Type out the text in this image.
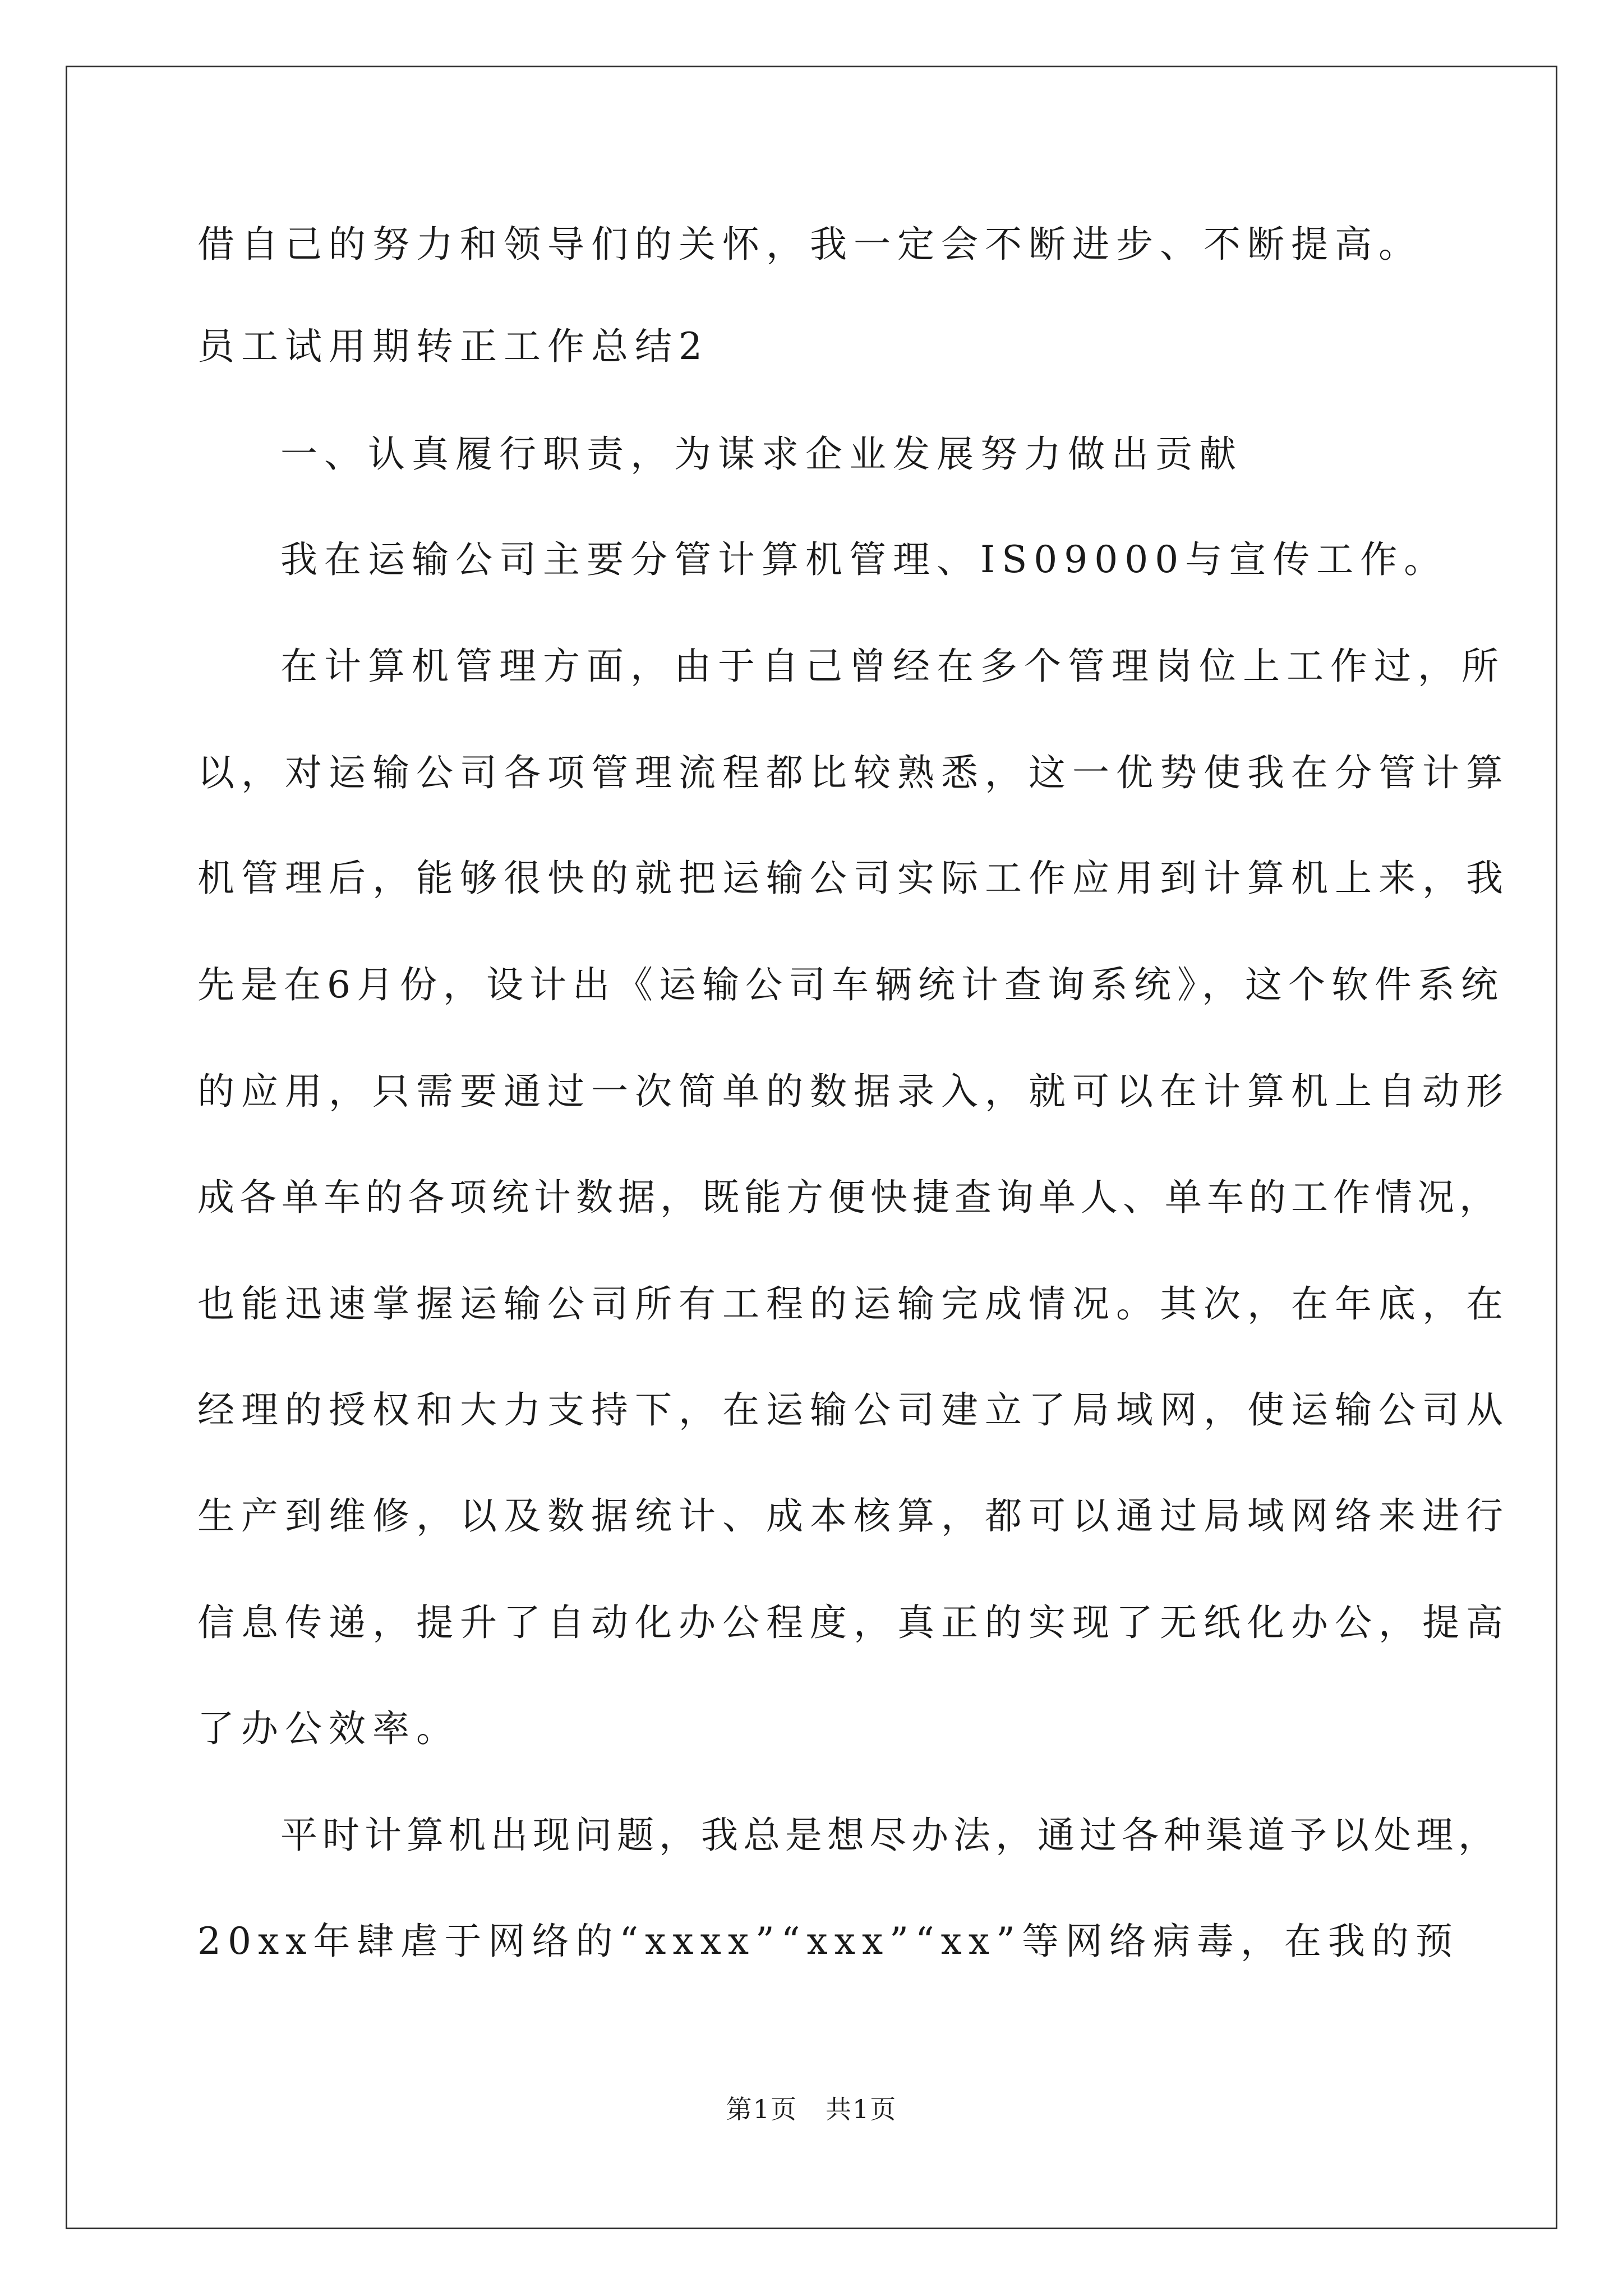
借自己的努力和领导们的关怀，我一定会不断进步、不断提高。
员工试用期转正工作总结2
一、认真履行职责，为谋求企业发展努力做出贡献
我在运输公司主要分管计算机管理、IS09000与宣传工作。
在计算机管理方面，由于自己曾经在多个管理岗位上工作过，所
以，对运输公司各项管理流程都比较熟悉，这一优势使我在分管计算
机管理后，能够很快的就把运输公司实际工作应用到计算机上来，我
先是在6月份，设计出《运输公司车辆统计查询系统》，这个软件系统
的应用，只需要通过一次简单的数据录入，就可以在计算机上自动形
成各单车的各项统计数据，既能方便快捷查询单人、单车的工作情况，
也能迅速掌握运输公司所有工程的运输完成情况。其次，在年底，在
经理的授权和大力支持下，在运输公司建立了局域网，使运输公司从
生产到维修，以及数据统计、成本核算，都可以通过局域网络来进行
信息传递，提升了自动化办公程度，真正的实现了无纸化办公，提高
了办公效率。
平时计算机出现问题，我总是想尽办法，通过各种渠道予以处理，
20xx年肆虐于网络的“xxxx”“xxx”“xx”等网络病毒，在我的预
第1页 共1页
